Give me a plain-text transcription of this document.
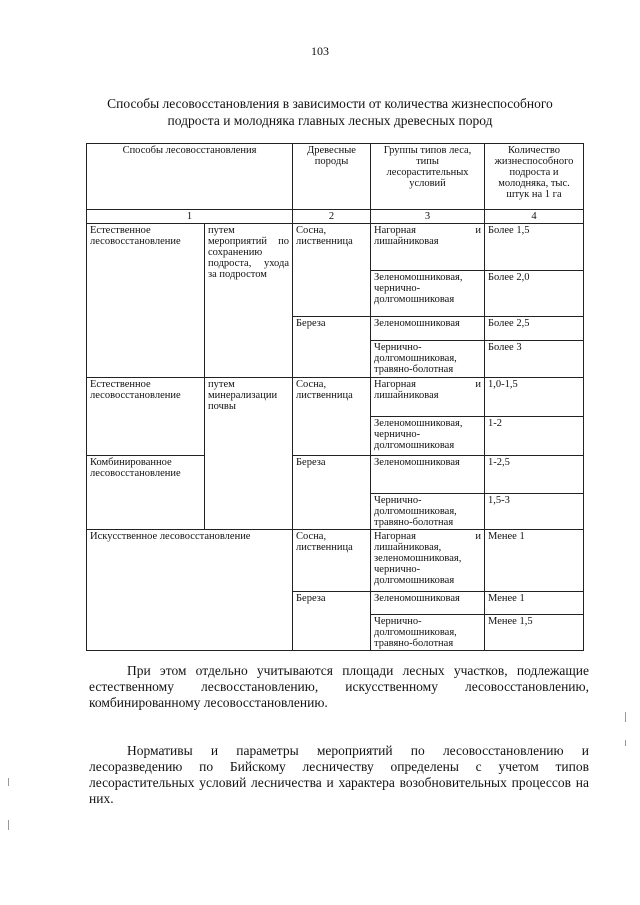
103
Способы лесовосстановления в зависимости от количества жизнеспособного
подроста и молодняка главных лесных древесных пород
Способы лесовосстановления		Древесные породы	Группы типов леса, типы лесорастительных условий	Количество жизнеспособного подроста и молодняка, тыс. штук на 1 га
1		2	3	4
Естественное лесовосстановление	путем мероприятий по сохранению подроста, ухода за подростом	Сосна, лиственница	Нагорная и лишайниковая	Более 1,5
			Зеленомошниковая, чернично-долгомошниковая	Более 2,0
		Береза	Зеленомошниковая	Более 2,5
			Чернично-долгомошниковая, травяно-болотная	Более 3
Естественное лесовосстановление	путем минерализации почвы	Сосна, лиственница	Нагорная и лишайниковая	1,0-1,5
			Зеленомошниковая, чернично-долгомошниковая	1-2
Комбинированное лесовосстановление		Береза	Зеленомошниковая	1-2,5
			Чернично-долгомошниковая, травяно-болотная	1,5-3
Искусственное лесовосстановление		Сосна, лиственница	Нагорная и лишайниковая, зеленомошниковая, чернично-долгомошниковая	Менее 1
		Береза	Зеленомошниковая	Менее 1
			Чернично-долгомошниковая, травяно-болотная	Менее 1,5
При этом отдельно учитываются площади лесных участков, подлежащие естественному лесвосстановлению, искусственному лесовосстановлению, комбинированному лесовосстановлению.
Нормативы и параметры мероприятий по лесовосстановлению и лесоразведению по Бийскому лесничеству определены с учетом типов лесорастительных условий лесничества и характера возобновительных процессов на них.
